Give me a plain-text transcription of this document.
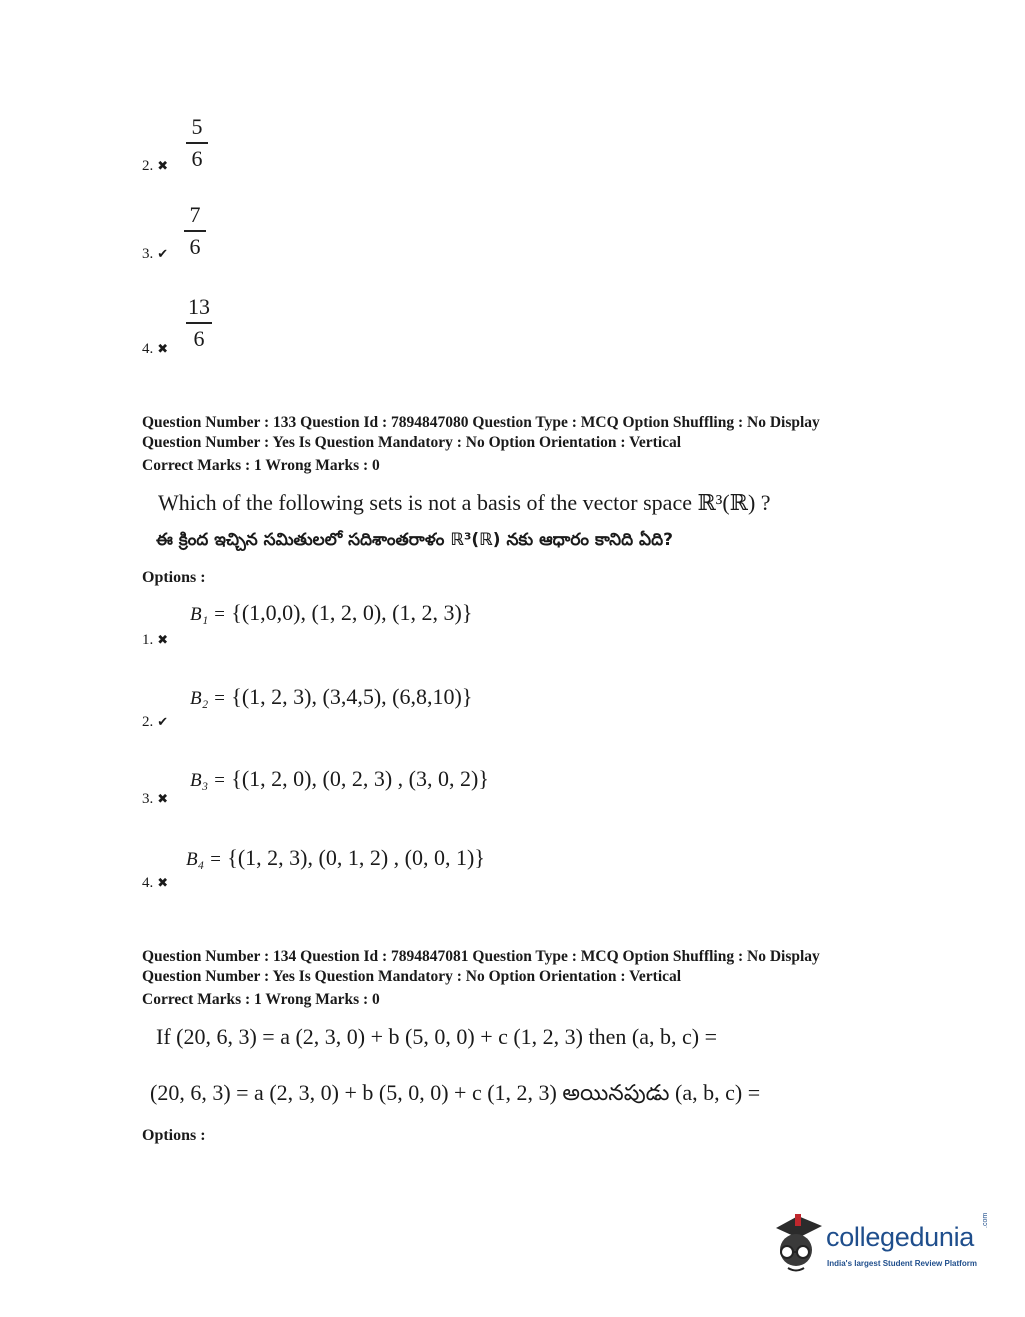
2. ✖
5
6
3. ✔
7
6
4. ✖
13
6
Question Number : 133 Question Id : 7894847080 Question Type : MCQ Option Shuffling : No Display
Question Number : Yes Is Question Mandatory : No Option Orientation : Vertical
Correct Marks : 1 Wrong Marks : 0
Which of the following sets is not a basis of the vector space ℝ³(ℝ) ?
ఈ క్రింద ఇచ్చిన సమితులలో సదిశాంతరాళం ℝ³(ℝ) నకు ఆధారం కానిది ఏది?
Options :
1. ✖
B₁ = {(1,0,0), (1, 2, 0), (1, 2, 3)}
2. ✔
B₂ = {(1, 2, 3), (3,4,5), (6,8,10)}
3. ✖
B₃ = {(1, 2, 0), (0, 2, 3) , (3, 0, 2)}
4. ✖
B₄ = {(1, 2, 3), (0, 1, 2) , (0, 0, 1)}
Question Number : 134 Question Id : 7894847081 Question Type : MCQ Option Shuffling : No Display
Question Number : Yes Is Question Mandatory : No Option Orientation : Vertical
Correct Marks : 1 Wrong Marks : 0
If (20, 6, 3) = a (2, 3, 0) + b (5, 0, 0) + c (1, 2, 3) then (a, b, c) =
(20, 6, 3) = a (2, 3, 0) + b (5, 0, 0) + c (1, 2, 3) అయినపుడు (a, b, c) =
Options :
collegedunia
.com
India's largest Student Review Platform
